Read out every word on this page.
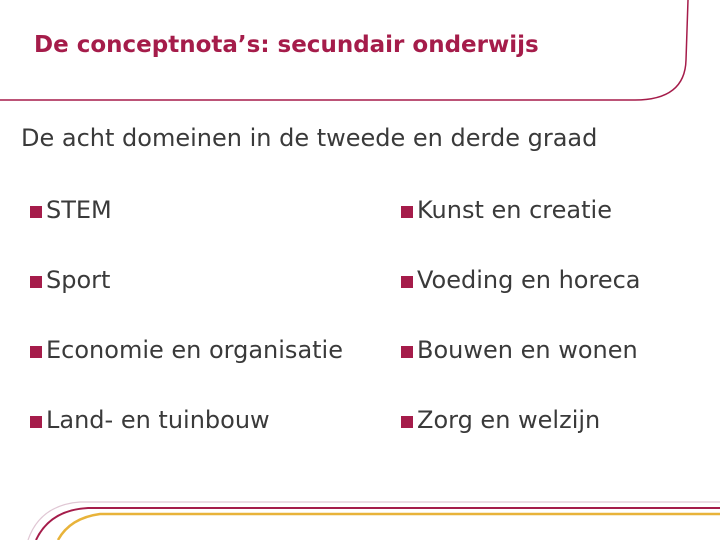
De conceptnota’s: secundair onderwijs
De acht domeinen in de tweede en derde graad
STEM
Sport
Economie en organisatie
Land- en tuinbouw
Kunst en creatie
Voeding en horeca
Bouwen en wonen
Zorg en welzijn
